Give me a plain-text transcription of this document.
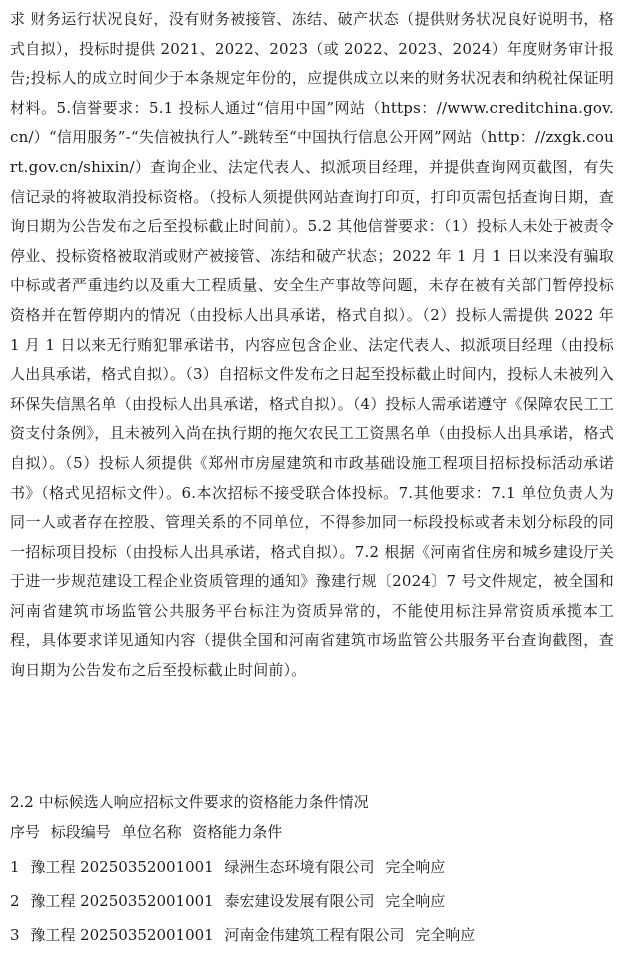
求 财务运行状况良好，没有财务被接管、冻结、破产状态（提供财务状况良好说明书，格式自拟），投标时提供 2021、2022、2023（或 2022、2023、2024）年度财务审计报告;投标人的成立时间少于本条规定年份的，应提供成立以来的财务状况表和纳税社保证明材料。5.信誉要求：5.1 投标人通过“信用中国”网站（https：//www.creditchina.gov.cn/）“信用服务”-“失信被执行人”-跳转至“中国执行信息公开网”网站（http：//zxgk.court.gov.cn/shixin/）查询企业、法定代表人、拟派项目经理，并提供查询网页截图，有失信记录的将被取消投标资格。（投标人须提供网站查询打印页，打印页需包括查询日期，查询日期为公告发布之后至投标截止时间前）。5.2 其他信誉要求：（1）投标人未处于被责令停业、投标资格被取消或财产被接管、冻结和破产状态；2022 年 1 月 1 日以来没有骗取中标或者严重违约以及重大工程质量、安全生产事故等问题，未存在被有关部门暂停投标资格并在暂停期内的情况（由投标人出具承诺，格式自拟）。（2）投标人需提供 2022 年 1 月 1 日以来无行贿犯罪承诺书，内容应包含企业、法定代表人、拟派项目经理（由投标人出具承诺，格式自拟）。（3）自招标文件发布之日起至投标截止时间内，投标人未被列入环保失信黑名单（由投标人出具承诺，格式自拟）。（4）投标人需承诺遵守《保障农民工工资支付条例》，且未被列入尚在执行期的拖欠农民工工资黑名单（由投标人出具承诺，格式自拟）。（5）投标人须提供《郑州市房屋建筑和市政基础设施工程项目招标投标活动承诺书》（格式见招标文件）。6.本次招标不接受联合体投标。7.其他要求：7.1 单位负责人为同一人或者存在控股、管理关系的不同单位，不得参加同一标段投标或者未划分标段的同一招标项目投标（由投标人出具承诺，格式自拟）。7.2 根据《河南省住房和城乡建设厅关于进一步规范建设工程企业资质管理的通知》豫建行规〔2024〕7 号文件规定，被全国和河南省建筑市场监管公共服务平台标注为资质异常的，不能使用标注异常资质承揽本工程，具体要求详见通知内容（提供全国和河南省建筑市场监管公共服务平台查询截图，查询日期为公告发布之后至投标截止时间前）。

2.2 中标候选人响应招标文件要求的资格能力条件情况

序号 标段编号 单位名称 资格能力条件

1 豫工程 20250352001001 绿洲生态环境有限公司 完全响应

2 豫工程 20250352001001 泰宏建设发展有限公司 完全响应

3 豫工程 20250352001001 河南金伟建筑工程有限公司 完全响应
